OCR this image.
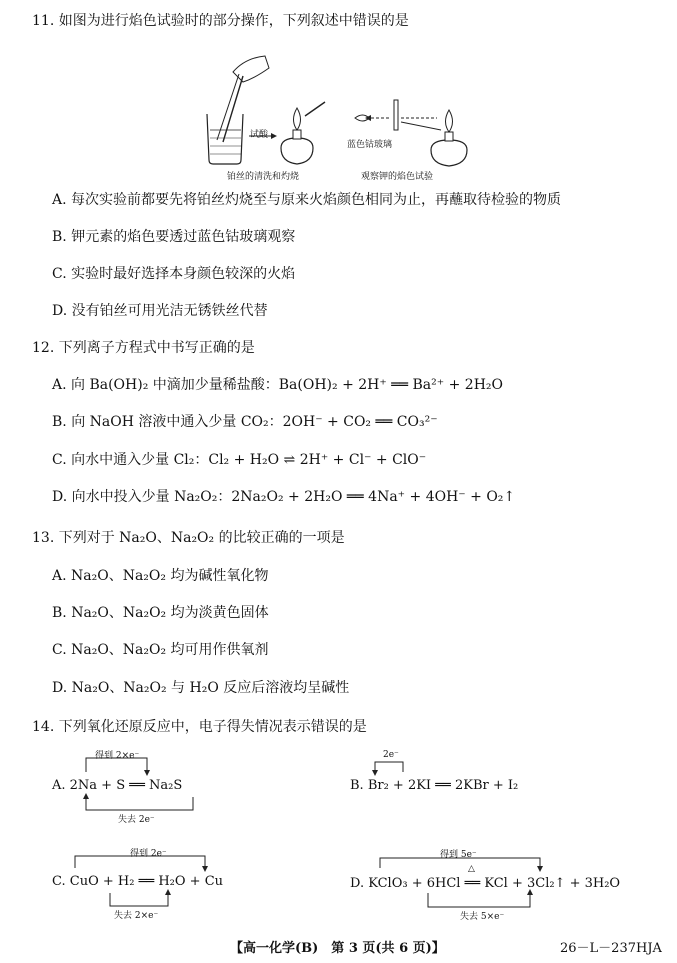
11. 如图为进行焰色试验时的部分操作，下列叙述中错误的是
试酸
蓝色钴玻璃
铂丝的清洗和灼烧	观察钾的焰色试验
A. 每次实验前都要先将铂丝灼烧至与原来火焰颜色相同为止，再蘸取待检验的物质
B. 钾元素的焰色要透过蓝色钴玻璃观察
C. 实验时最好选择本身颜色较深的火焰
D. 没有铂丝可用光洁无锈铁丝代替
12. 下列离子方程式中书写正确的是
A. 向 Ba(OH)₂ 中滴加少量稀盐酸：Ba(OH)₂ + 2H⁺ ══ Ba²⁺ + 2H₂O
B. 向 NaOH 溶液中通入少量 CO₂：2OH⁻ + CO₂ ══ CO₃²⁻
C. 向水中通入少量 Cl₂：Cl₂ + H₂O ⇌ 2H⁺ + Cl⁻ + ClO⁻
D. 向水中投入少量 Na₂O₂：2Na₂O₂ + 2H₂O ══ 4Na⁺ + 4OH⁻ + O₂↑
13. 下列对于 Na₂O、Na₂O₂ 的比较正确的一项是
A. Na₂O、Na₂O₂ 均为碱性氧化物
B. Na₂O、Na₂O₂ 均为淡黄色固体
C. Na₂O、Na₂O₂ 均可用作供氧剂
D. Na₂O、Na₂O₂ 与 H₂O 反应后溶液均呈碱性
14. 下列氧化还原反应中，电子得失情况表示错误的是
得到 2×e⁻
A. 2Na + S ══ Na₂S
失去 2e⁻
2e⁻
B. Br₂ + 2KI ══ 2KBr + I₂
得到 2e⁻
C. CuO + H₂ ══ H₂O + Cu
失去 2×e⁻
得到 5e⁻
△
D. KClO₃ + 6HCl ══ KCl + 3Cl₂↑ + 3H₂O
失去 5×e⁻
【高一化学(B)　第 3 页(共 6 页)】	26－L－237HJA
